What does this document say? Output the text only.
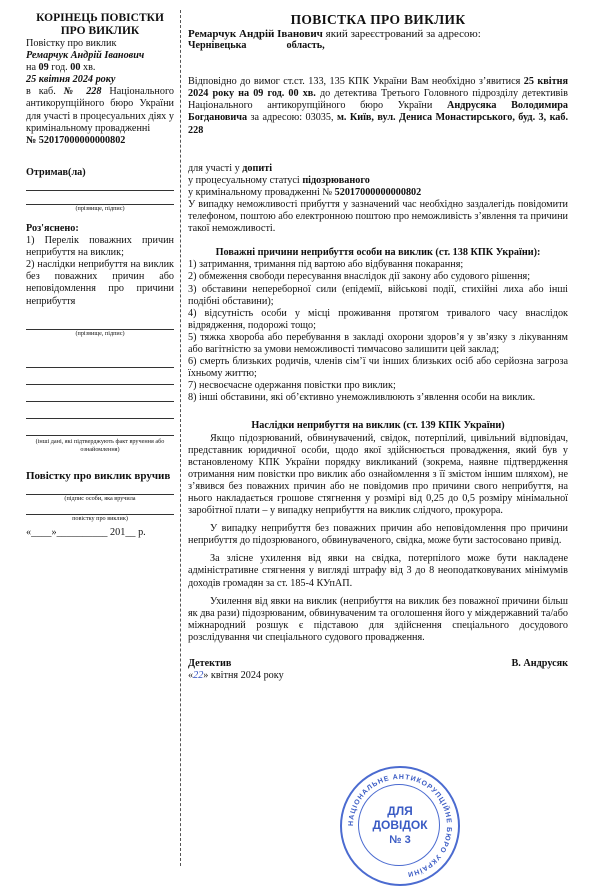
КОРІНЕЦЬ ПОВІСТКИ ПРО ВИКЛИК
Повістку про виклик
Ремарчук Андрій Іванович
на 09 год. 00 хв.
25 квітня 2024 року
в каб. № 228 Національного антикорупційного бюро України для участі в процесуальних діях у кримінальному провадженні
№ 52017000000000802
Отримав(ла)
(прізвище, підпис)
Роз'яснено:
1) Перелік поважних причин неприбуття на виклик;
2) наслідки неприбуття на виклик без поважних причин або неповідомлення про причини неприбуття
(прізвище, підпис)
(інші дані, які підтверджують факт вручення або ознайомлення)
Повістку про виклик вручив
(підпис особи, яка вручила
повістку про виклик)
«____»__________ 201__ р.
ПОВІСТКА ПРО ВИКЛИК
Ремарчук Андрій Іванович який зареєстрований за адресою:
Чернівецька	область,
Відповідно до вимог ст.ст. 133, 135 КПК України Вам необхідно з’явитися 25 квітня 2024 року на 09 год. 00 хв. до детектива Третього Головного підрозділу детективів Національного антикорупційного бюро України Андрусяка Володимира Богдановича за адресою: 03035, м. Київ, вул. Дениса Монастирського, буд. 3, каб. 228
для участі у допиті
у процесуальному статусі підозрюваного
у кримінальному провадженні № 52017000000000802
У випадку неможливості прибуття у зазначений час необхідно заздалегідь повідомити телефоном, поштою або електронною поштою про неможливість з’явлення та причини такої неможливості.
Поважні причини неприбуття особи на виклик (ст. 138 КПК України):
1) затримання, тримання під вартою або відбування покарання;
2) обмеження свободи пересування внаслідок дії закону або судового рішення;
3) обставини непереборної сили (епідемії, військові події, стихійні лиха або інші подібні обставини);
4) відсутність особи у місці проживання протягом тривалого часу внаслідок відрядження, подорожі тощо;
5) тяжка хвороба або перебування в закладі охорони здоров’я у зв’язку з лікуванням або вагітністю за умови неможливості тимчасово залишити цей заклад;
6) смерть близьких родичів, членів сім’ї чи інших близьких осіб або серйозна загроза їхньому життю;
7) несвоєчасне одержання повістки про виклик;
8) інші обставини, які об’єктивно унеможливлюють з’явлення особи на виклик.
Наслідки неприбуття на виклик (ст. 139 КПК України)
Якщо підозрюваний, обвинувачений, свідок, потерпілий, цивільний відповідач, представник юридичної особи, щодо якої здійснюється провадження, який був у встановленому КПК України порядку викликаний (зокрема, наявне підтвердження отримання ним повістки про виклик або ознайомлення з її змістом іншим шляхом), не з’явився без поважних причин або не повідомив про причини свого неприбуття, на нього накладається грошове стягнення у розмірі від 0,25 до 0,5 розміру мінімальної заробітної плати – у випадку неприбуття на виклик слідчого, прокурора.
У випадку неприбуття без поважних причин або неповідомлення про причини неприбуття до підозрюваного, обвинуваченого, свідка, може бути застосовано привід.
За злісне ухилення від явки на свідка, потерпілого може бути накладене адміністративне стягнення у вигляді штрафу від 3 до 8 неоподатковуваних мінімумів доходів громадян за ст. 185-4 КУпАП.
Ухилення від явки на виклик (неприбуття на виклик без поважної причини більш як два рази) підозрюваним, обвинуваченим та оголошення його у міждержавний та/або міжнародний розшук є підставою для здійснення спеціального досудового розслідування чи спеціального судового провадження.
Детектив	В. Андрусяк
«22» квітня 2024 року
НАЦІОНАЛЬНЕ АНТИКОРУПЦІЙНЕ БЮРО УКРАЇНИ
ДЛЯ
ДОВІДОК
№ 3
